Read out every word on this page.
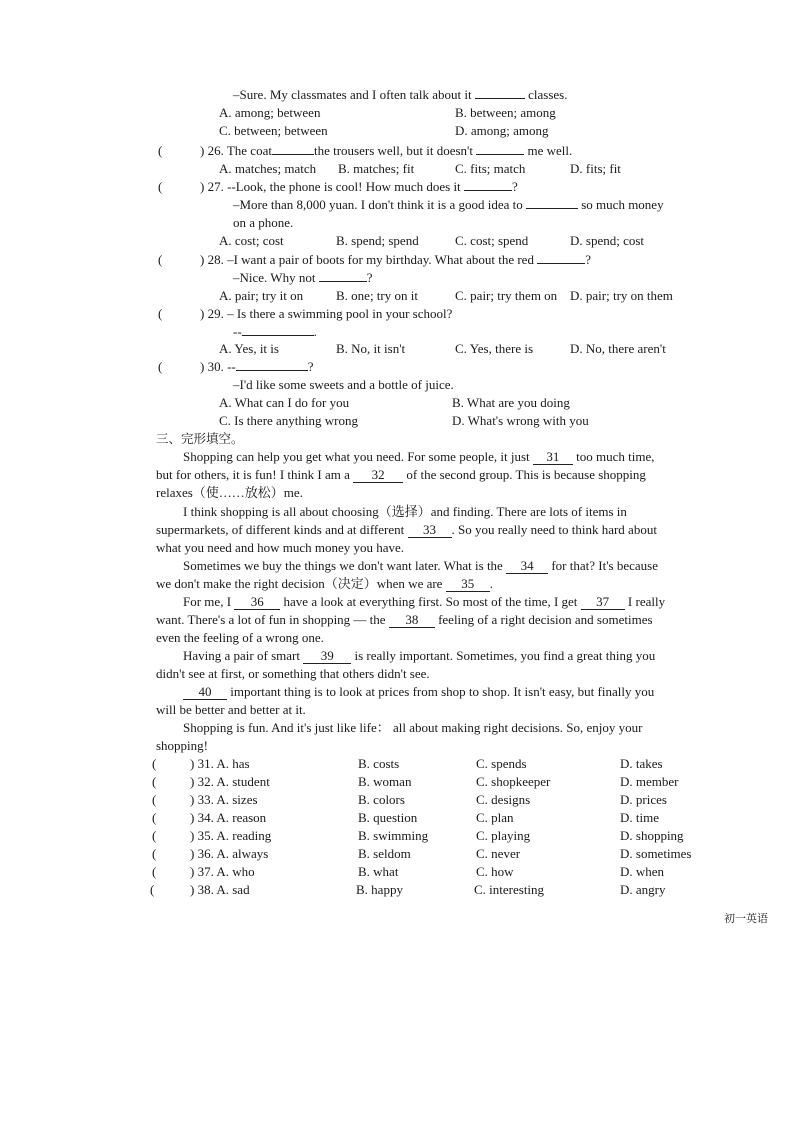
–Sure. My classmates and I often talk about it	classes.
A. among; between	B. between; among
C. between; between	D. among; among
(	) 26. The coat	the trousers well, but it doesn't	me well.
A. matches; match B. matches; fit	C. fits; match	D. fits; fit
(	) 27. --Look, the phone is cool! How much does it	?
–More than 8,000 yuan. I don't think it is a good idea to	so much money
on a phone.
A. cost; cost	B. spend; spend	C. cost; spend	D. spend; cost
(	) 28. –I want a pair of boots for my birthday. What about the red	?
–Nice. Why not	?
A. pair; try it on	B. one; try on it	C. pair; try them on D. pair; try on them
(	) 29. – Is there a swimming pool in your school?
--	.
A. Yes, it is	B. No, it isn't	C. Yes, there is	D. No, there aren't
(	) 30. --	?
–I'd like some sweets and a bottle of juice.
A. What can I do for you	B. What are you doing
C. Is there anything wrong	D. What's wrong with you
三、完形填空。
Shopping can help you get what you need. For some people, it just 31 too much time,
but for others, it is fun! I think I am a 32 of the second group. This is because shopping
relaxes（使……放松）me.
I think shopping is all about choosing（选择）and finding. There are lots of items in
supermarkets, of different kinds and at different 33 . So you really need to think hard about
what you need and how much money you have.
Sometimes we buy the things we don't want later. What is the 34 for that? It's because
we don't make the right decision（决定）when we are 35 .
For me, I 36 have a look at everything first. So most of the time, I get 37 I really
want. There's a lot of fun in shopping — the 38 feeling of a right decision and sometimes
even the feeling of a wrong one.
Having a pair of smart 39 is really important. Sometimes, you find a great thing you
didn't see at first, or something that others didn't see.
40 important thing is to look at prices from shop to shop. It isn't easy, but finally you
will be better and better at it.
Shopping is fun. And it's just like life： all about making right decisions. So, enjoy your
shopping!
(	) 31. A. has	B. costs	C. spends	D. takes
(	) 32. A. student	B. woman	C. shopkeeper	D. member
(	) 33. A. sizes	B. colors	C. designs	D. prices
(	) 34. A. reason	B. question	C. plan	D. time
(	) 35. A. reading	B. swimming	C. playing	D. shopping
(	) 36. A. always	B. seldom	C. never	D. sometimes
(	) 37. A. who	B. what	C. how	D. when
(	) 38. A. sad	B. happy	C. interesting	D. angry
初一英语
